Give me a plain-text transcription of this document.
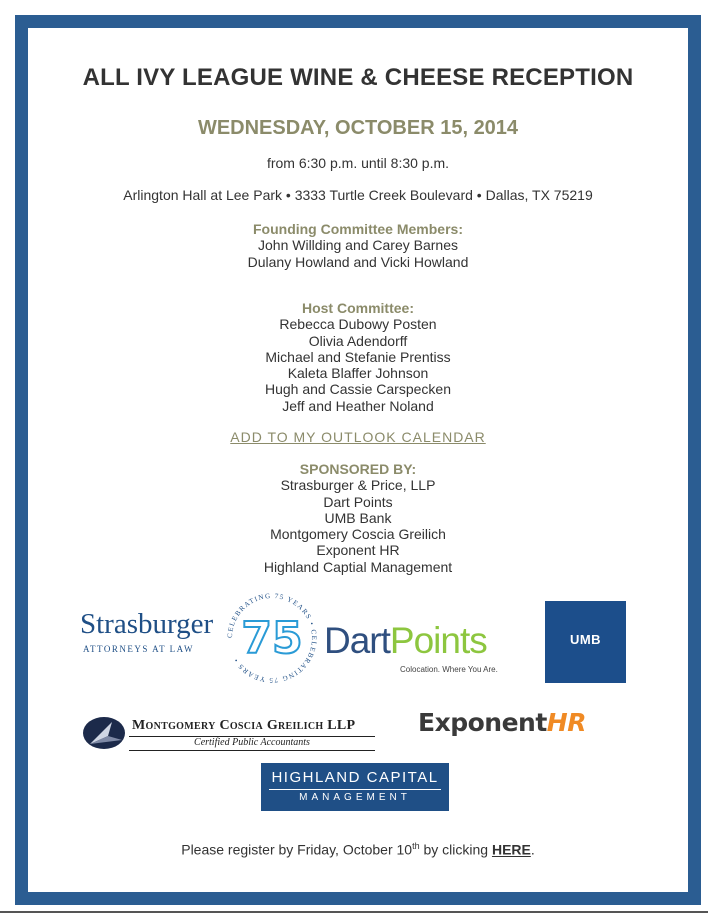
ALL IVY LEAGUE WINE & CHEESE RECEPTION
WEDNESDAY, OCTOBER 15, 2014
from 6:30 p.m. until 8:30 p.m.
Arlington Hall at Lee Park • 3333 Turtle Creek Boulevard • Dallas, TX 75219
Founding Committee Members:
John Willding and Carey Barnes
Dulany Howland and Vicki Howland
Host Committee:
Rebecca Dubowy Posten
Olivia Adendorff
Michael and Stefanie Prentiss
Kaleta Blaffer Johnson
Hugh and Cassie Carspecken
Jeff and Heather Noland
ADD TO MY OUTLOOK CALENDAR
SPONSORED BY:
Strasburger & Price, LLP
Dart Points
UMB Bank
Montgomery Coscia Greilich
Exponent HR
Highland Captial Management
Strasburger
ATTORNEYS AT LAW
CELEBRATING 75 YEARS • CELEBRATING 75 YEARS • 75 DartPoints
Colocation. Where You Are.
UMB
Montgomery Coscia Greilich LLP
Certified Public Accountants
ExponentHR
HIGHLAND CAPITAL
MANAGEMENT
Please register by Friday, October 10th by clicking HERE.
